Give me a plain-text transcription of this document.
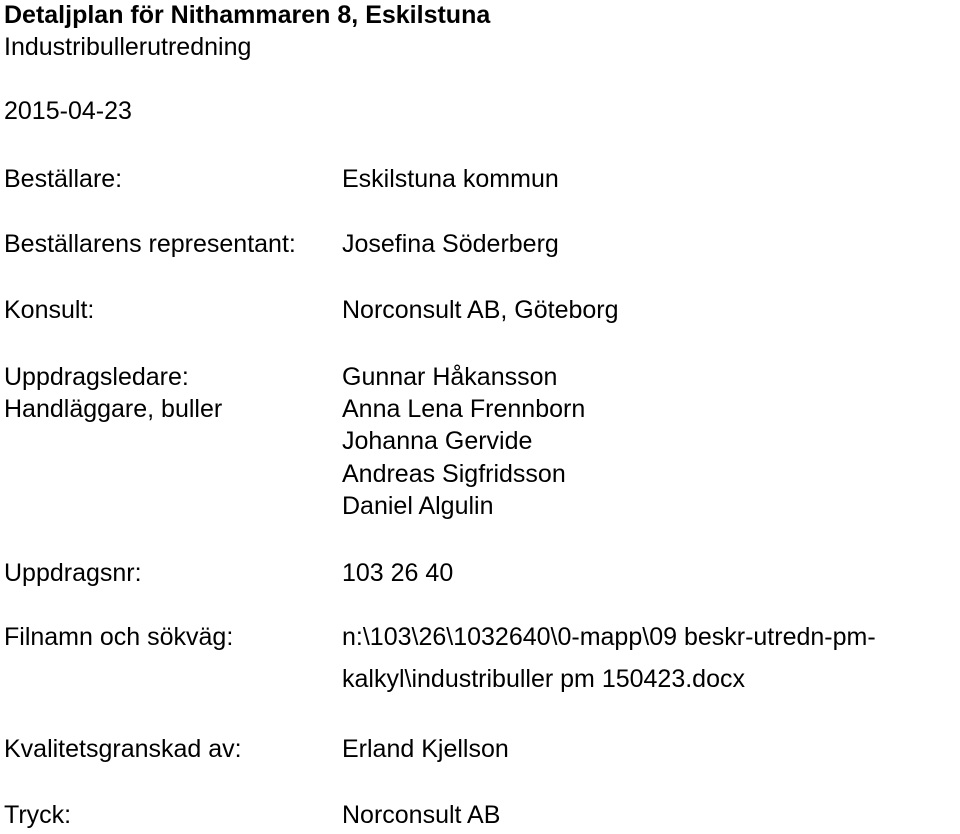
Detaljplan för Nithammaren 8, Eskilstuna
Industribullerutredning
2015-04-23
Beställare:	Eskilstuna kommun
Beställarens representant: Josefina Söderberg
Konsult:	Norconsult AB, Göteborg
Uppdragsledare:	Gunnar Håkansson
Handläggare, buller	Anna Lena Frennborn
Johanna Gervide
Andreas Sigfridsson
Daniel Algulin
Uppdragsnr:	103 26 40
Filnamn och sökväg:	n:\103\26\1032640\0-mapp\09 beskr-utredn-pm-
kalkyl\industribuller pm 150423.docx
Kvalitetsgranskad av:	Erland Kjellson
Tryck:	Norconsult AB
